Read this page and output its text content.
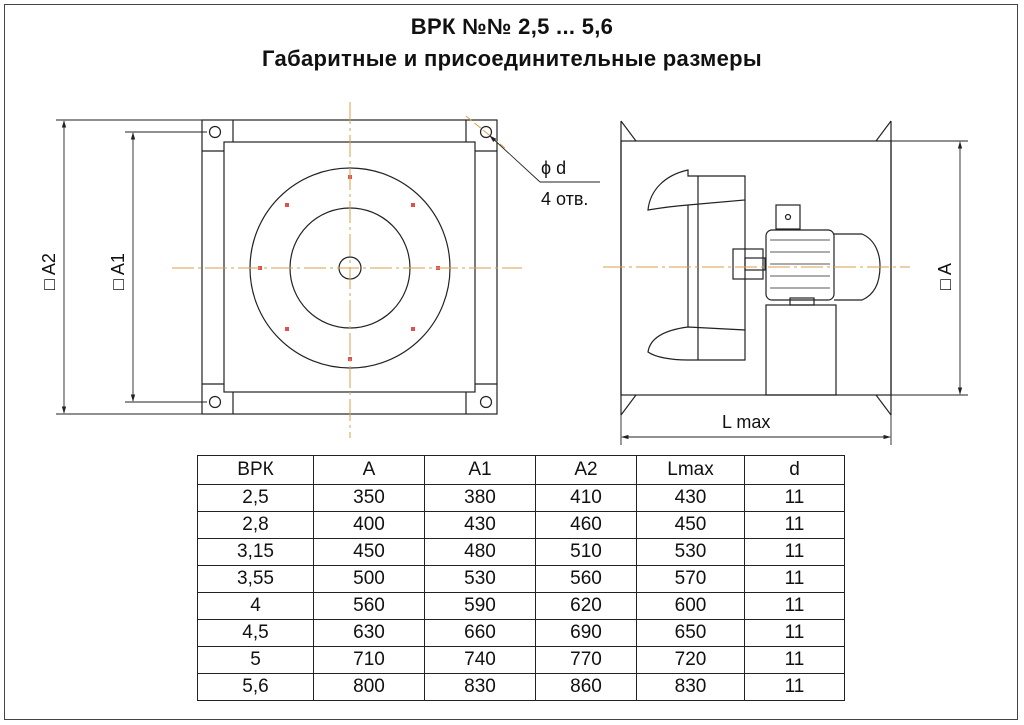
ВРК №№ 2,5 ... 5,6
Габаритные и присоединительные размеры
□ A2	□ A1
ϕ d
4 отв.
□ A
L max
ВРК	A	A1	A2	Lmax	d
2,5	350	380	410	430	11
2,8	400	430	460	450	11
3,15	450	480	510	530	11
3,55	500	530	560	570	11
4	560	590	620	600	11
4,5	630	660	690	650	11
5	710	740	770	720	11
5,6	800	830	860	830	11
